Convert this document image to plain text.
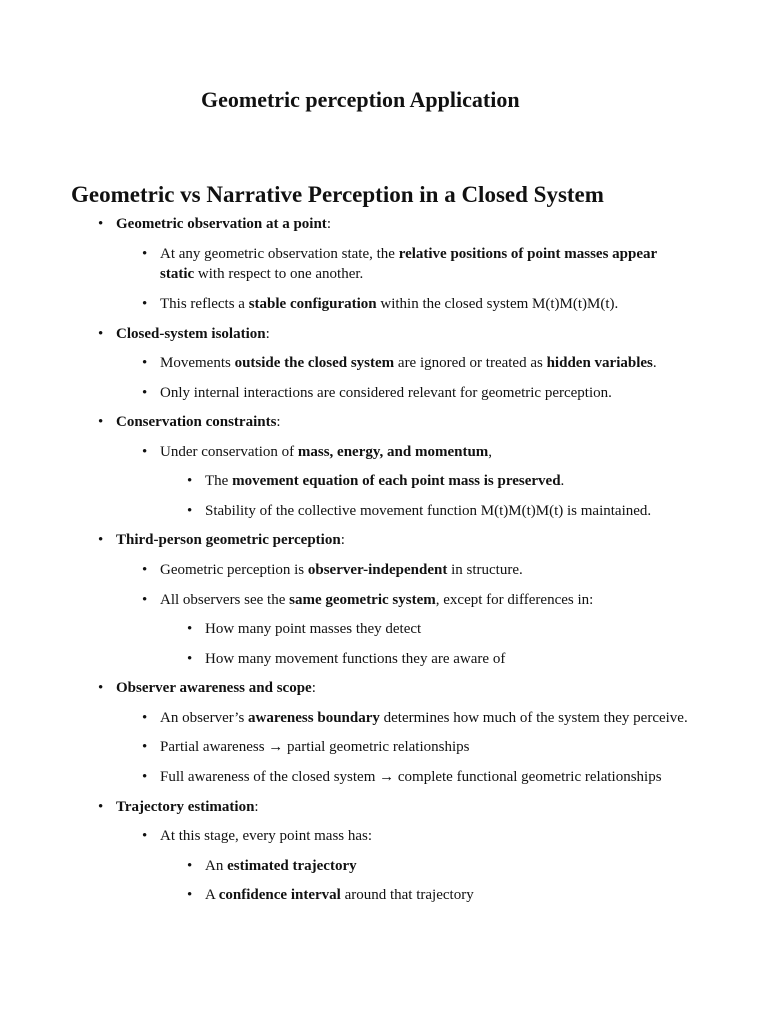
Geometric perception Application
Geometric vs Narrative Perception in a Closed System
• Geometric observation at a point:
• At any geometric observation state, the relative positions of point masses appear static with respect to one another.
• This reflects a stable configuration within the closed system M(t)M(t)M(t).
• Closed-system isolation:
• Movements outside the closed system are ignored or treated as hidden variables.
• Only internal interactions are considered relevant for geometric perception.
• Conservation constraints:
• Under conservation of mass, energy, and momentum,
• The movement equation of each point mass is preserved.
• Stability of the collective movement function M(t)M(t)M(t) is maintained.
• Third-person geometric perception:
• Geometric perception is observer-independent in structure.
• All observers see the same geometric system, except for differences in:
• How many point masses they detect
• How many movement functions they are aware of
• Observer awareness and scope:
• An observer’s awareness boundary determines how much of the system they perceive.
• Partial awareness → partial geometric relationships
• Full awareness of the closed system → complete functional geometric relationships
• Trajectory estimation:
• At this stage, every point mass has:
• An estimated trajectory
• A confidence interval around that trajectory
